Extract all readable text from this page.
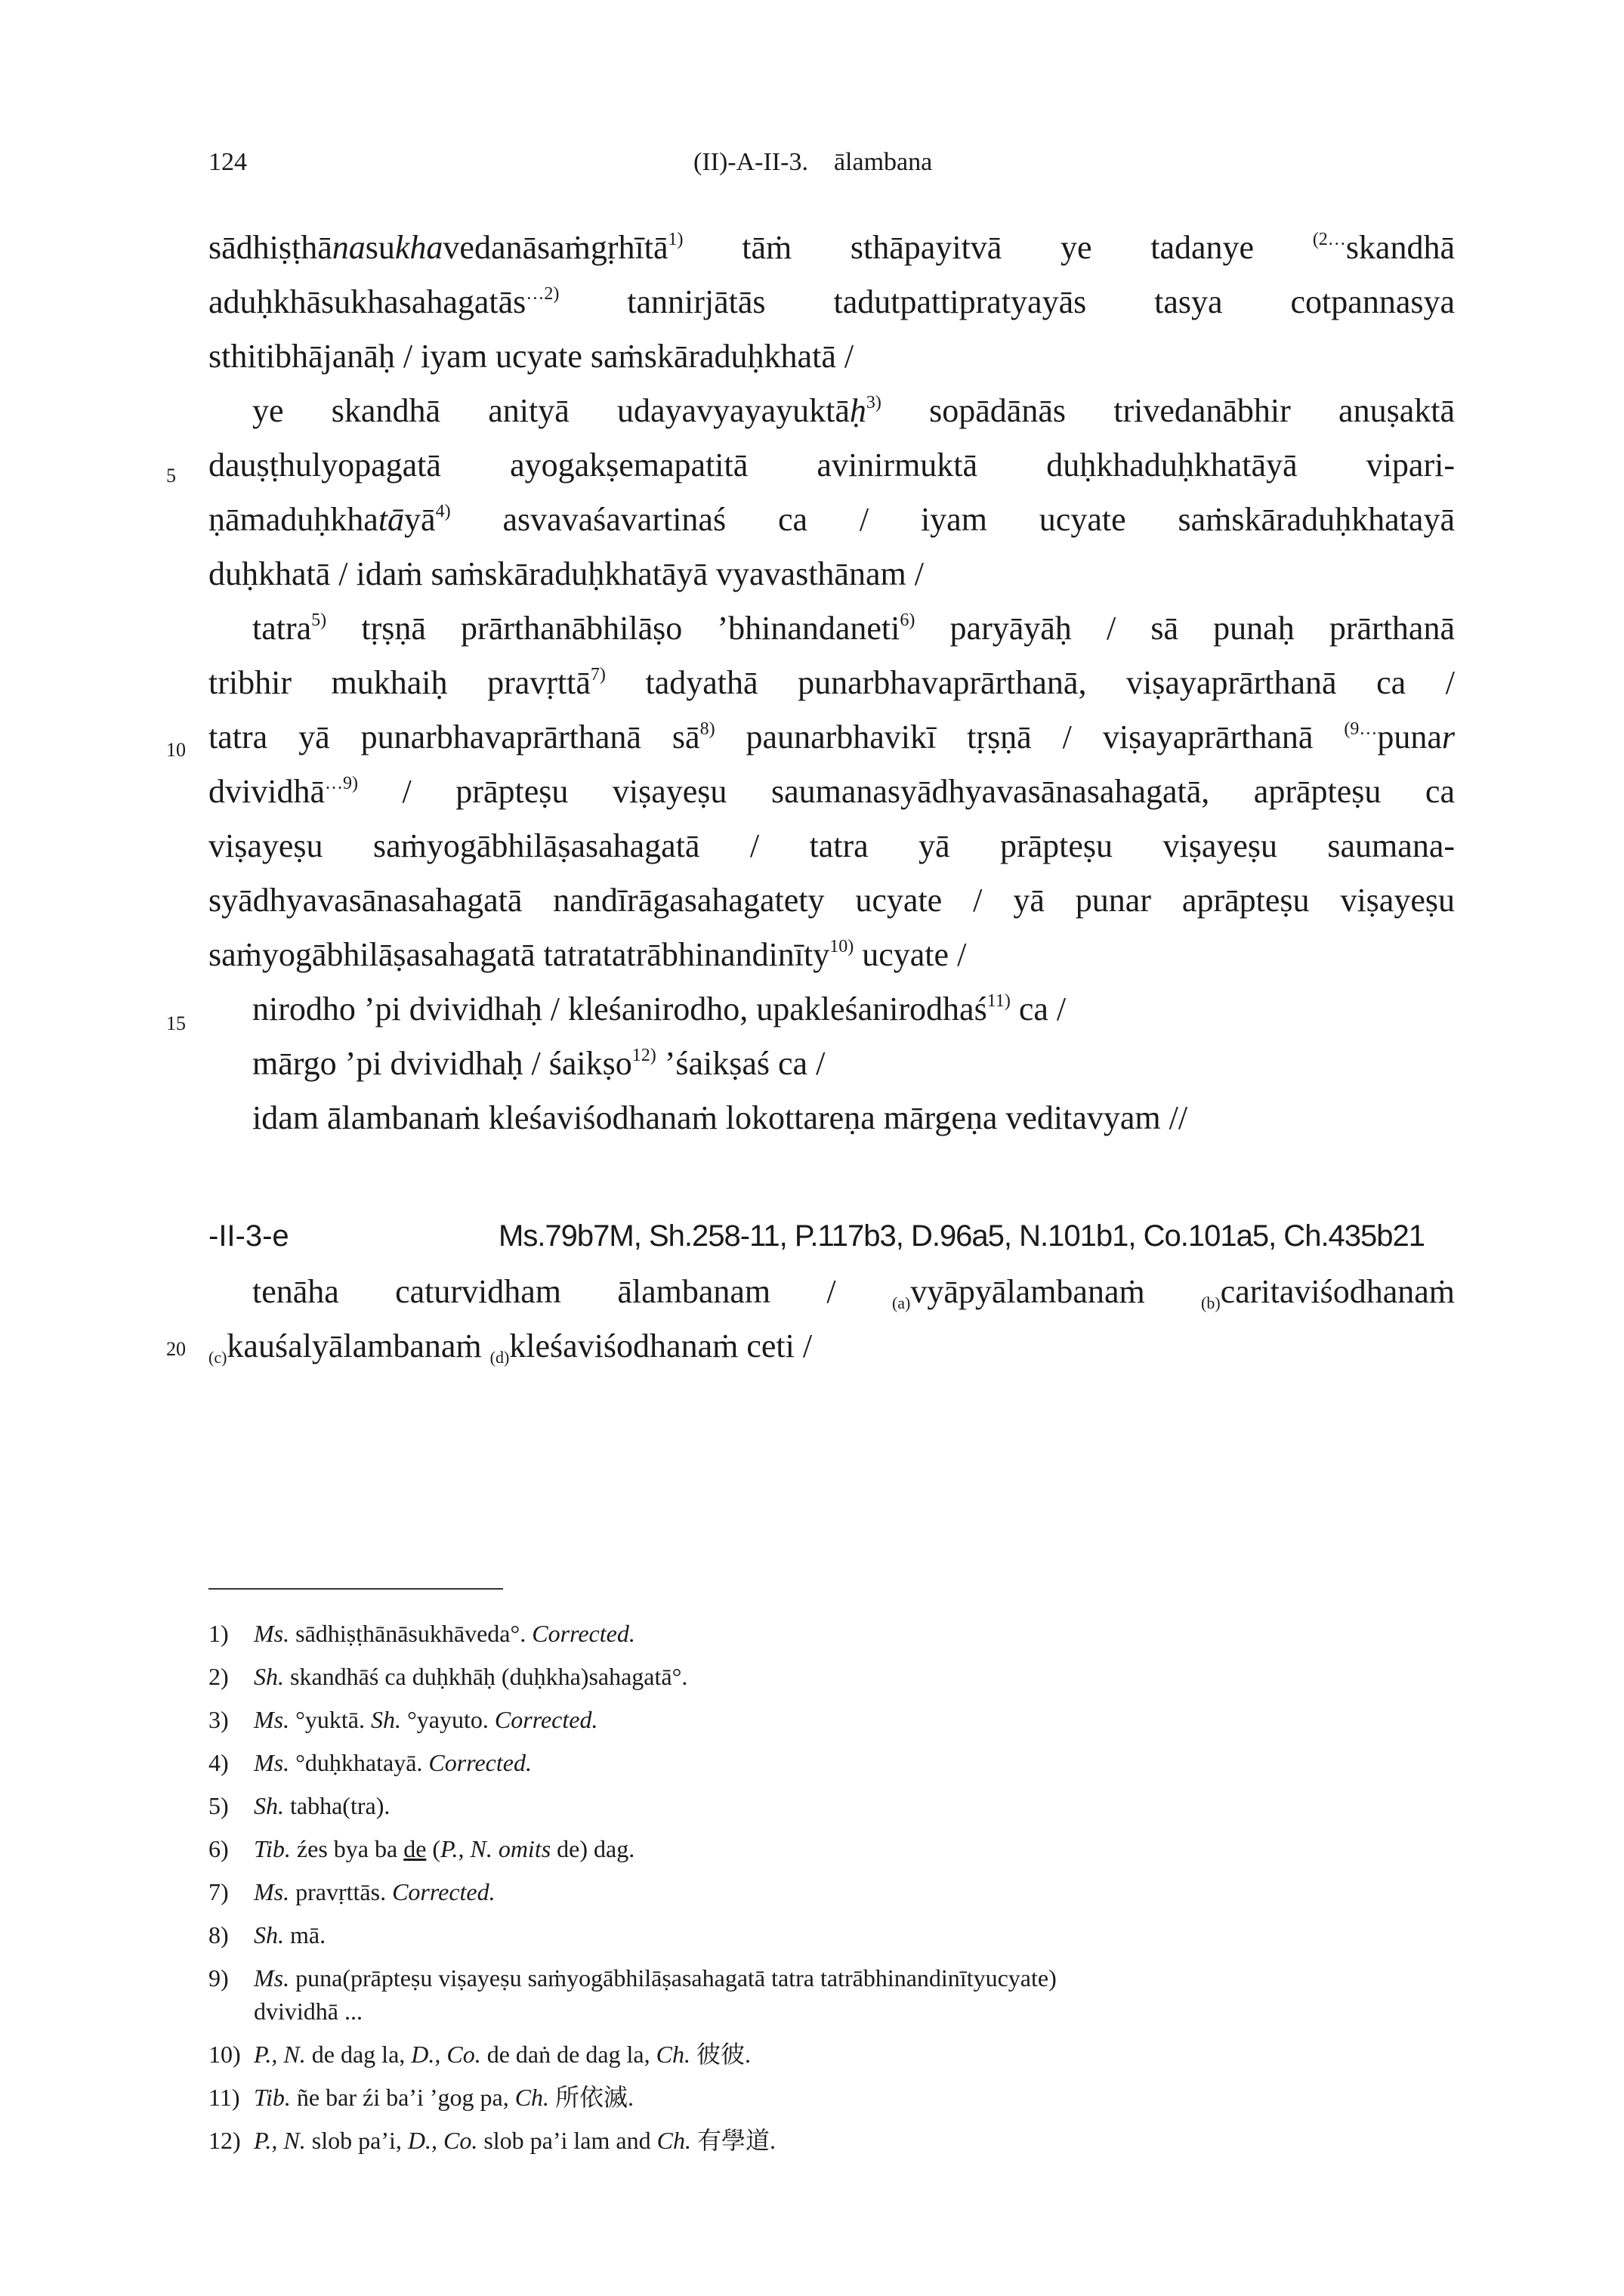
124	(II)-A-II-3. ālambana
5
10
15
20
sādhiṣṭhānasukhavedanāsaṁgṛhītā$^{1)}$ tāṁ sthāpayitvā ye tadanye $^{(2\dots}$skandhā
aduḥkhāsukhasahagatās$^{\dots 2)}$ tannirjātās tadutpattipratyayās tasya cotpannasya
sthitibhājanāḥ / iyam ucyate saṁskāraduḥkhatā /
ye skandhā anityā udayavyayayuktāḥ$^{3)}$ sopādānās trivedanābhir anuṣaktā
dauṣṭhulyopagatā ayogakṣemapatitā avinirmuktā duḥkhaduḥkhatāyā vipari-
ṇāmaduḥkhatāyā$^{4)}$ asvavaśavartinaś ca / iyam ucyate saṁskāraduḥkhatayā
duḥkhatā / idaṁ saṁskāraduḥkhatāyā vyavasthānam /
tatra$^{5)}$ tṛṣṇā prārthanābhilāṣo ’bhinandaneti$^{6)}$ paryāyāḥ / sā punaḥ prārthanā
tribhir mukhaiḥ pravṛttā$^{7)}$ tadyathā punarbhavaprārthanā, viṣayaprārthanā ca /
tatra yā punarbhavaprārthanā $sā^{8)}$ paunarbhavikī tṛṣṇā / viṣayaprārthanā $^{(9\dots}$punar
dvividhā$^{\dots 9)}$ / prāpteṣu viṣayeṣu saumanasyādhyavasānasahagatā, aprāpteṣu ca
viṣayeṣu saṁyogābhilāṣasahagatā / tatra yā prāpteṣu viṣayeṣu saumana-
syādhyavasānasahagatā nandīrāgasahagatety ucyate / yā punar aprāpteṣu viṣayeṣu
saṁyogābhilāṣasahagatā tatratatrābhinandinīty$^{10)}$ ucyate /
nirodho ’pi dvividhaḥ / kleśanirodho, upakleśanirodhaś$^{11)}$ ca /
mārgo ’pi dvividhaḥ / śaikṣo$^{12)}$ ’śaikṣaś ca /
idam ālambanaṁ kleśaviśodhanaṁ lokottareṇa mārgeṇa veditavyam //
-II-3-e	Ms.79b7M, Sh.258-11, P.117b3, D.96a5, N.101b1, Co.101a5, Ch.435b21
tenāha caturvidham ālambanam / $_{(a)}$vyāpyālambanaṁ $_{(b)}$caritaviśodhanaṁ
$_{(c)}$kauśalyālambanaṁ $_{(d)}$kleśaviśodhanaṁ ceti /
1) Ms. sādhiṣṭhānāsukhāveda°. Corrected.
2) Sh. skandhāś ca duḥkhāḥ (duḥkha)sahagatā°.
3) Ms. °yuktā. Sh. °yayuto. Corrected.
4) Ms. °duḥkhatayā. Corrected.
5) Sh. tabha(tra).
6) Tib. źes bya ba de (P., N. omits de) dag.
7) Ms. pravṛttās. Corrected.
8) Sh. mā.
9) Ms. puna(prāpteṣu viṣayeṣu saṁyogābhilāṣasahagatā tatra tatrābhinandinītyucyate)
dvividhā ...
10) P., N. de dag la, D., Co. de daṅ de dag la, Ch. 彼彼.
11) Tib. ñe bar źi ba’i ’gog pa, Ch. 所依滅.
12) P., N. slob pa’i, D., Co. slob pa’i lam and Ch. 有學道.
